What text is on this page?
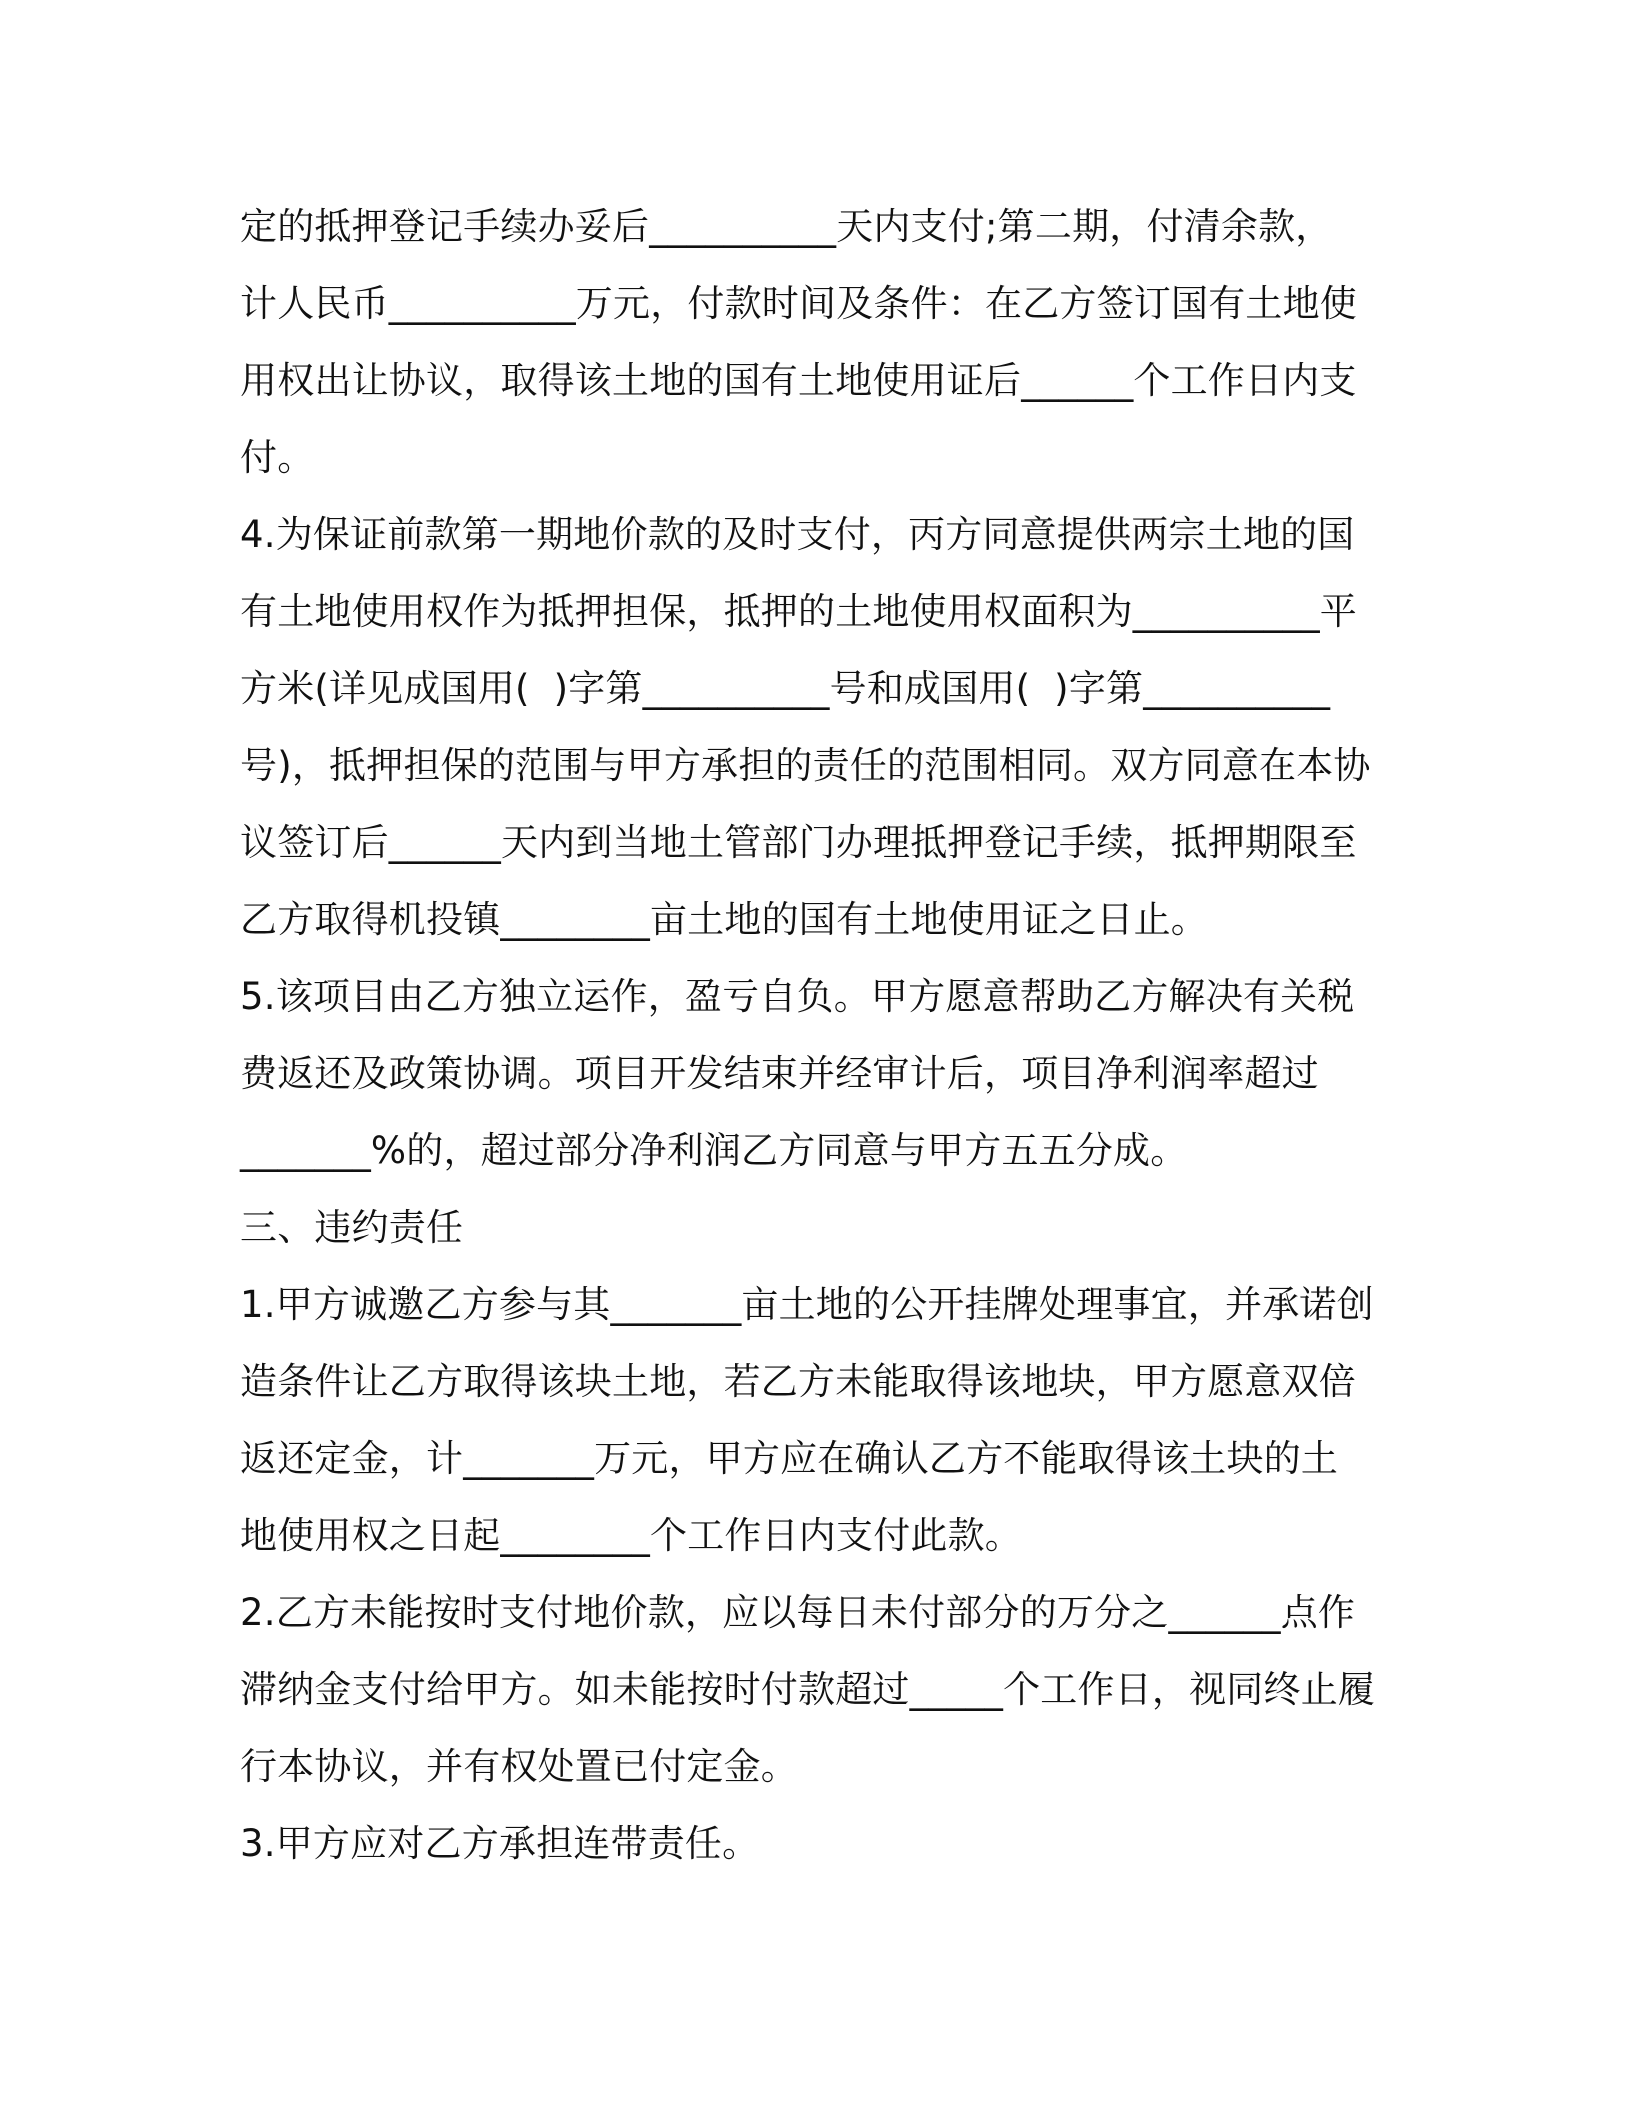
定的抵押登记手续办妥后__________天内支付;第二期，付清余款，
计人民币__________万元，付款时间及条件：在乙方签订国有土地使
用权出让协议，取得该土地的国有土地使用证后______个工作日内支
付。
4.为保证前款第一期地价款的及时支付，丙方同意提供两宗土地的国
有土地使用权作为抵押担保，抵押的土地使用权面积为__________平
方米(详见成国用(  )字第__________号和成国用(  )字第__________
号)，抵押担保的范围与甲方承担的责任的范围相同。双方同意在本协
议签订后______天内到当地土管部门办理抵押登记手续，抵押期限至
乙方取得机投镇________亩土地的国有土地使用证之日止。
5.该项目由乙方独立运作，盈亏自负。甲方愿意帮助乙方解决有关税
费返还及政策协调。项目开发结束并经审计后，项目净利润率超过
_______%的，超过部分净利润乙方同意与甲方五五分成。
三、违约责任
1.甲方诚邀乙方参与其_______亩土地的公开挂牌处理事宜，并承诺创
造条件让乙方取得该块土地，若乙方未能取得该地块，甲方愿意双倍
返还定金，计_______万元，甲方应在确认乙方不能取得该土块的土
地使用权之日起________个工作日内支付此款。
2.乙方未能按时支付地价款，应以每日未付部分的万分之______点作
滞纳金支付给甲方。如未能按时付款超过_____个工作日，视同终止履
行本协议，并有权处置已付定金。
3.甲方应对乙方承担连带责任。
